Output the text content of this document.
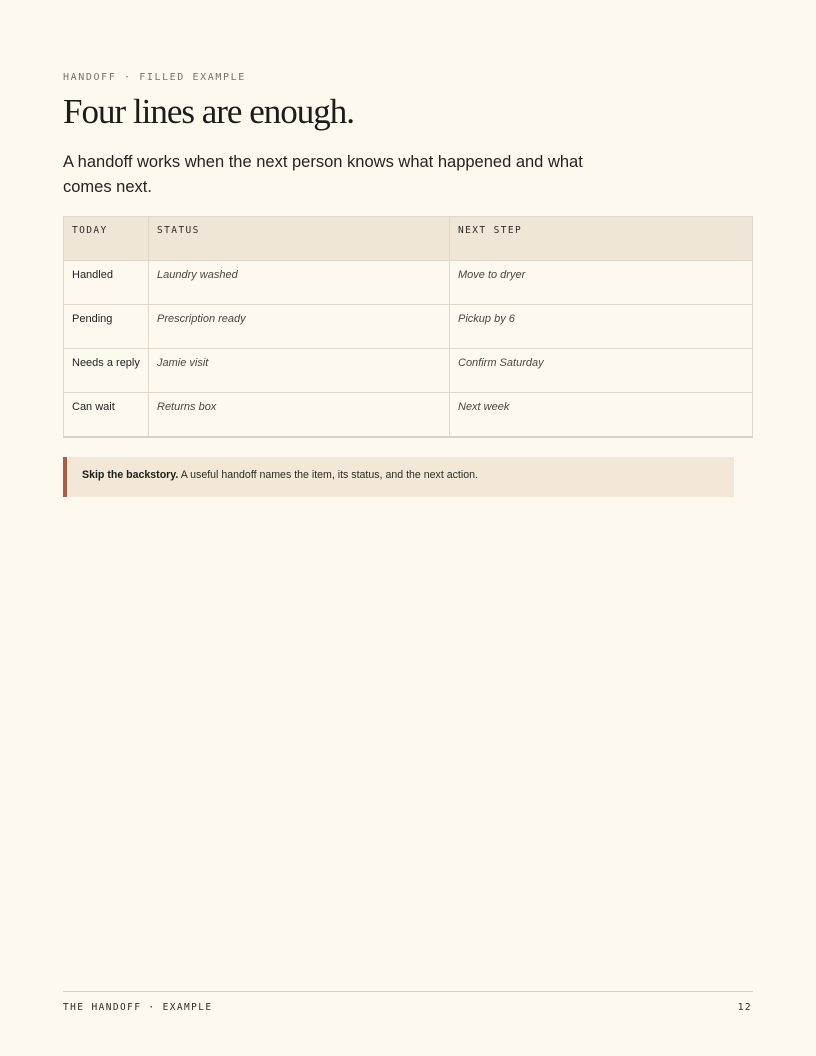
HANDOFF · FILLED EXAMPLE
Four lines are enough.

A handoff works when the next person knows what happened and what comes next.

TODAY	STATUS	NEXT STEP
Handled	Laundry washed	Move to dryer
Pending	Prescription ready	Pickup by 6
Needs a reply	Jamie visit	Confirm Saturday
Can wait	Returns box	Next week
Skip the backstory. A useful handoff names the item, its status, and the next action.
THE HANDOFF · EXAMPLE	12
